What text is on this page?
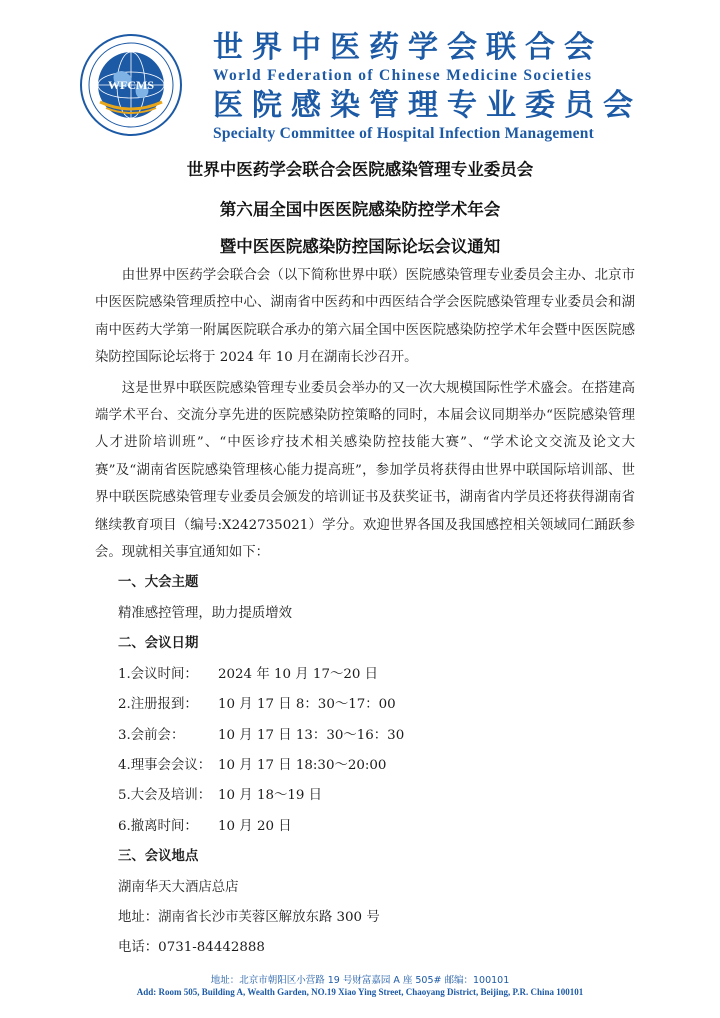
WFCMS
世界中医药学会联合会
World Federation of Chinese Medicine Societies
医院感染管理专业委员会
Specialty Committee of Hospital Infection Management
世界中医药学会联合会医院感染管理专业委员会
第六届全国中医医院感染防控学术年会
暨中医医院感染防控国际论坛会议通知

由世界中医药学会联合会（以下简称世界中联）医院感染管理专业委员会主办、北京市中医医院感染管理质控中心、湖南省中医药和中西医结合学会医院感染管理专业委员会和湖南中医药大学第一附属医院联合承办的第六届全国中医医院感染防控学术年会暨中医医院感染防控国际论坛将于 2024 年 10 月在湖南长沙召开。

这是世界中联医院感染管理专业委员会举办的又一次大规模国际性学术盛会。在搭建高端学术平台、交流分享先进的医院感染防控策略的同时，本届会议同期举办“医院感染管理人才进阶培训班”、“中医诊疗技术相关感染防控技能大赛”、“学术论文交流及论文大赛”及“湖南省医院感染管理核心能力提高班”，参加学员将获得由世界中联国际培训部、世界中联医院感染管理专业委员会颁发的培训证书及获奖证书，湖南省内学员还将获得湖南省继续教育项目（编号:X242735021）学分。欢迎世界各国及我国感控相关领域同仁踊跃参会。现就相关事宜通知如下：

一、大会主题
精准感控管理，助力提质增效
二、会议日期
1.会议时间： 2024 年 10 月 17～20 日
2.注册报到： 10 月 17 日 8：30～17：00
3.会前会：	10 月 17 日 13：30～16：30
4.理事会会议： 10 月 17 日 18:30～20:00
5.大会及培训： 10 月 18～19 日
6.撤离时间： 10 月 20 日
三、会议地点
湖南华天大酒店总店
地址：湖南省长沙市芙蓉区解放东路 300 号
电话：0731-84442888
地址：北京市朝阳区小营路 19 号财富嘉园 A 座 505# 邮编：100101
Add: Room 505, Building A, Wealth Garden, NO.19 Xiao Ying Street, Chaoyang District, Beijing, P.R. China 100101
